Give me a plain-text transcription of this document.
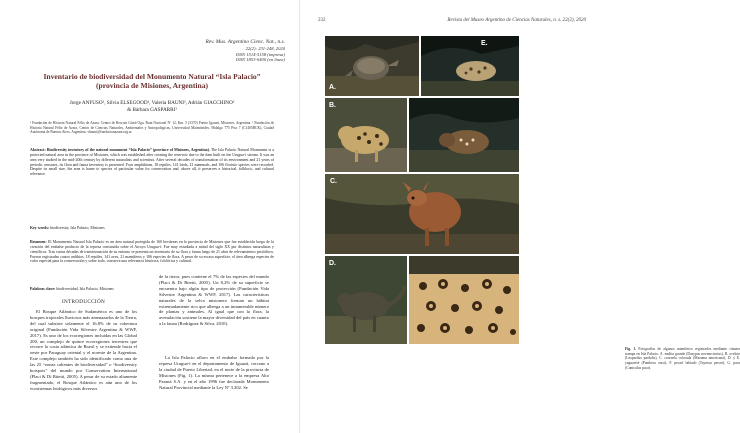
Rev. Mus. Argentino Cienc. Nat., n.s.
22(2): 231-248, 2020
ISSN 1514-5158 (impresa)
ISSN 1853-0400 (en línea)
Inventario de biodiversidad del Monumento Natural “Isla Palacio” (provincia de Misiones, Argentina)
Jorge ANFUSO¹, Silvia ELSEGOOD¹, Valeria BAUNI², Adrián GIACCHINO²
& Bárbara GASPARRI¹
¹ Fundación de Historia Natural Félix de Azara. Centro de Rescate Güirá Oga. Ruta Nacional Nº 12, Km. 5 (3370) Puerto Iguazú, Misiones, Argentina. ² Fundación de Historia Natural Félix de Azara, Centro de Ciencias Naturales, Ambientales y Antropológicas, Universidad Maimónides. Hidalgo 775 Piso 7 (C1405BCK), Ciudad Autónoma de Buenos Aires, Argentina. vbauni@fundacionazara.org.ar
Abstract: Biodiversity inventory of the natural monument “Isla Palacio” (province of Misiones, Argentina). The Isla Palacio Natural Monument is a protected natural area in the province of Misiones, which was established after creating the reservoir due to the dam built on the Urugua-í stream. It was an area very studied in the mid-20th century by different naturalists and scientists. After several decades of transformation of its environment and 21 years of periodic censuses, its flora and fauna inventory is presented. Four amphibians, 18 reptiles, 141 birds, 21 mammals, and 106 floristic species were recorded. Despite its small size, the area is home to species of particular value for conservation and, above all, it preserves a historical, folkloric, and cultural relevance.
Key words: biodiversity, Isla Palacio, Misiones
Resumen: El Monumento Natural Isla Palacio es un área natural protegida de 160 hectáreas en la provincia de Misiones que fue establecida luego de la creación del embalse producto de la represa construida sobre el Arroyo Urugua-í. Fue muy estudiada a mitad del siglo XX por distintos naturalistas y científicos. Tras varias décadas de transformación de su entorno se presenta un inventario de su flora y fauna luego de 21 años de relevamientos periódicos. Fueron registradas cuatro anfibios, 18 reptiles, 141 aves, 21 mamíferos y 106 especies de flora. A pesar de su escasa superficie, el área alberga especies de valor especial para la conservación y sobre todo, conserva una relevancia histórica, folclórica y cultural.
Palabras clave: biodiversidad, Isla Palacio, Misiones
INTRODUCCIÓN
El Bosque Atlántico de Sudamérica es uno de los bosques tropicales lluviosos más amenazados de la Tierra, del cual subsiste solamente el 16,8% de su cobertura original (Fundación Vida Silvestre Argentina & WWF, 2017). Es uno de los ecorregiones incluidas en las Global 200, un complejo de quince ecorregiones terrestres que recorre la costa atlántica de Brasil y se extiende hacia el oeste por Paraguay oriental y el noreste de la Argentina. Este complejo también ha sido identificado como una de las 25 “zonas calientes de biodiversidad” o “biodiversity hotspots” del mundo por Conservation International (Placi & Di Bitetti, 2005). A pesar de su estado altamente fragmentado, el Bosque Atlántico es aún uno de los ecosistemas biológicos más diversos
de la tierra, pues contiene el 7% de las especies del mundo (Placi & Di Bitetti, 2005). Un 8,2% de su superficie se encuentra bajo algún tipo de protección (Fundación Vida Silvestre Argentina & WWF, 2017). Las características naturales de la selva misionera forman un hábitat extremadamente rico que alberga a un innumerable número de plantas y animales. Al igual que con la flora, la avenulación sostiene la mayor diversidad del país en cuanto a la fauna (Rodríguez & Silva, 2010).
La Isla Palacio afloro en el embalse formado por la represa Urugua-í en el departamento de Iguazú, cercano a la ciudad de Puerto Libertad, en el norte de la provincia de Misiones (Fig. 1). La misma pertenece a la empresa Alto Paraná S.A. y en el año 1996 fue declarada Monumento Natural Provincial mediante la Ley Nº 3.302. Se
232	Revista del Museo Argentino de Ciencias Naturales, n. s. 22(2), 2020
A.
E.
B.
C.
D.
Fig. 1. Fotografías de algunos mamíferos registrados mediante cámara trampa en Isla Palacio. A. mulita grande (Dasypus novemcinctus), B. ocelote (Leopardus pardalis), C. corzuela colorada (Mazama americana), D. y E. yaguareté (Panthera onca), F. pecarí labiado (Tayassu pecari), G. paca (Cuniculus paca).
